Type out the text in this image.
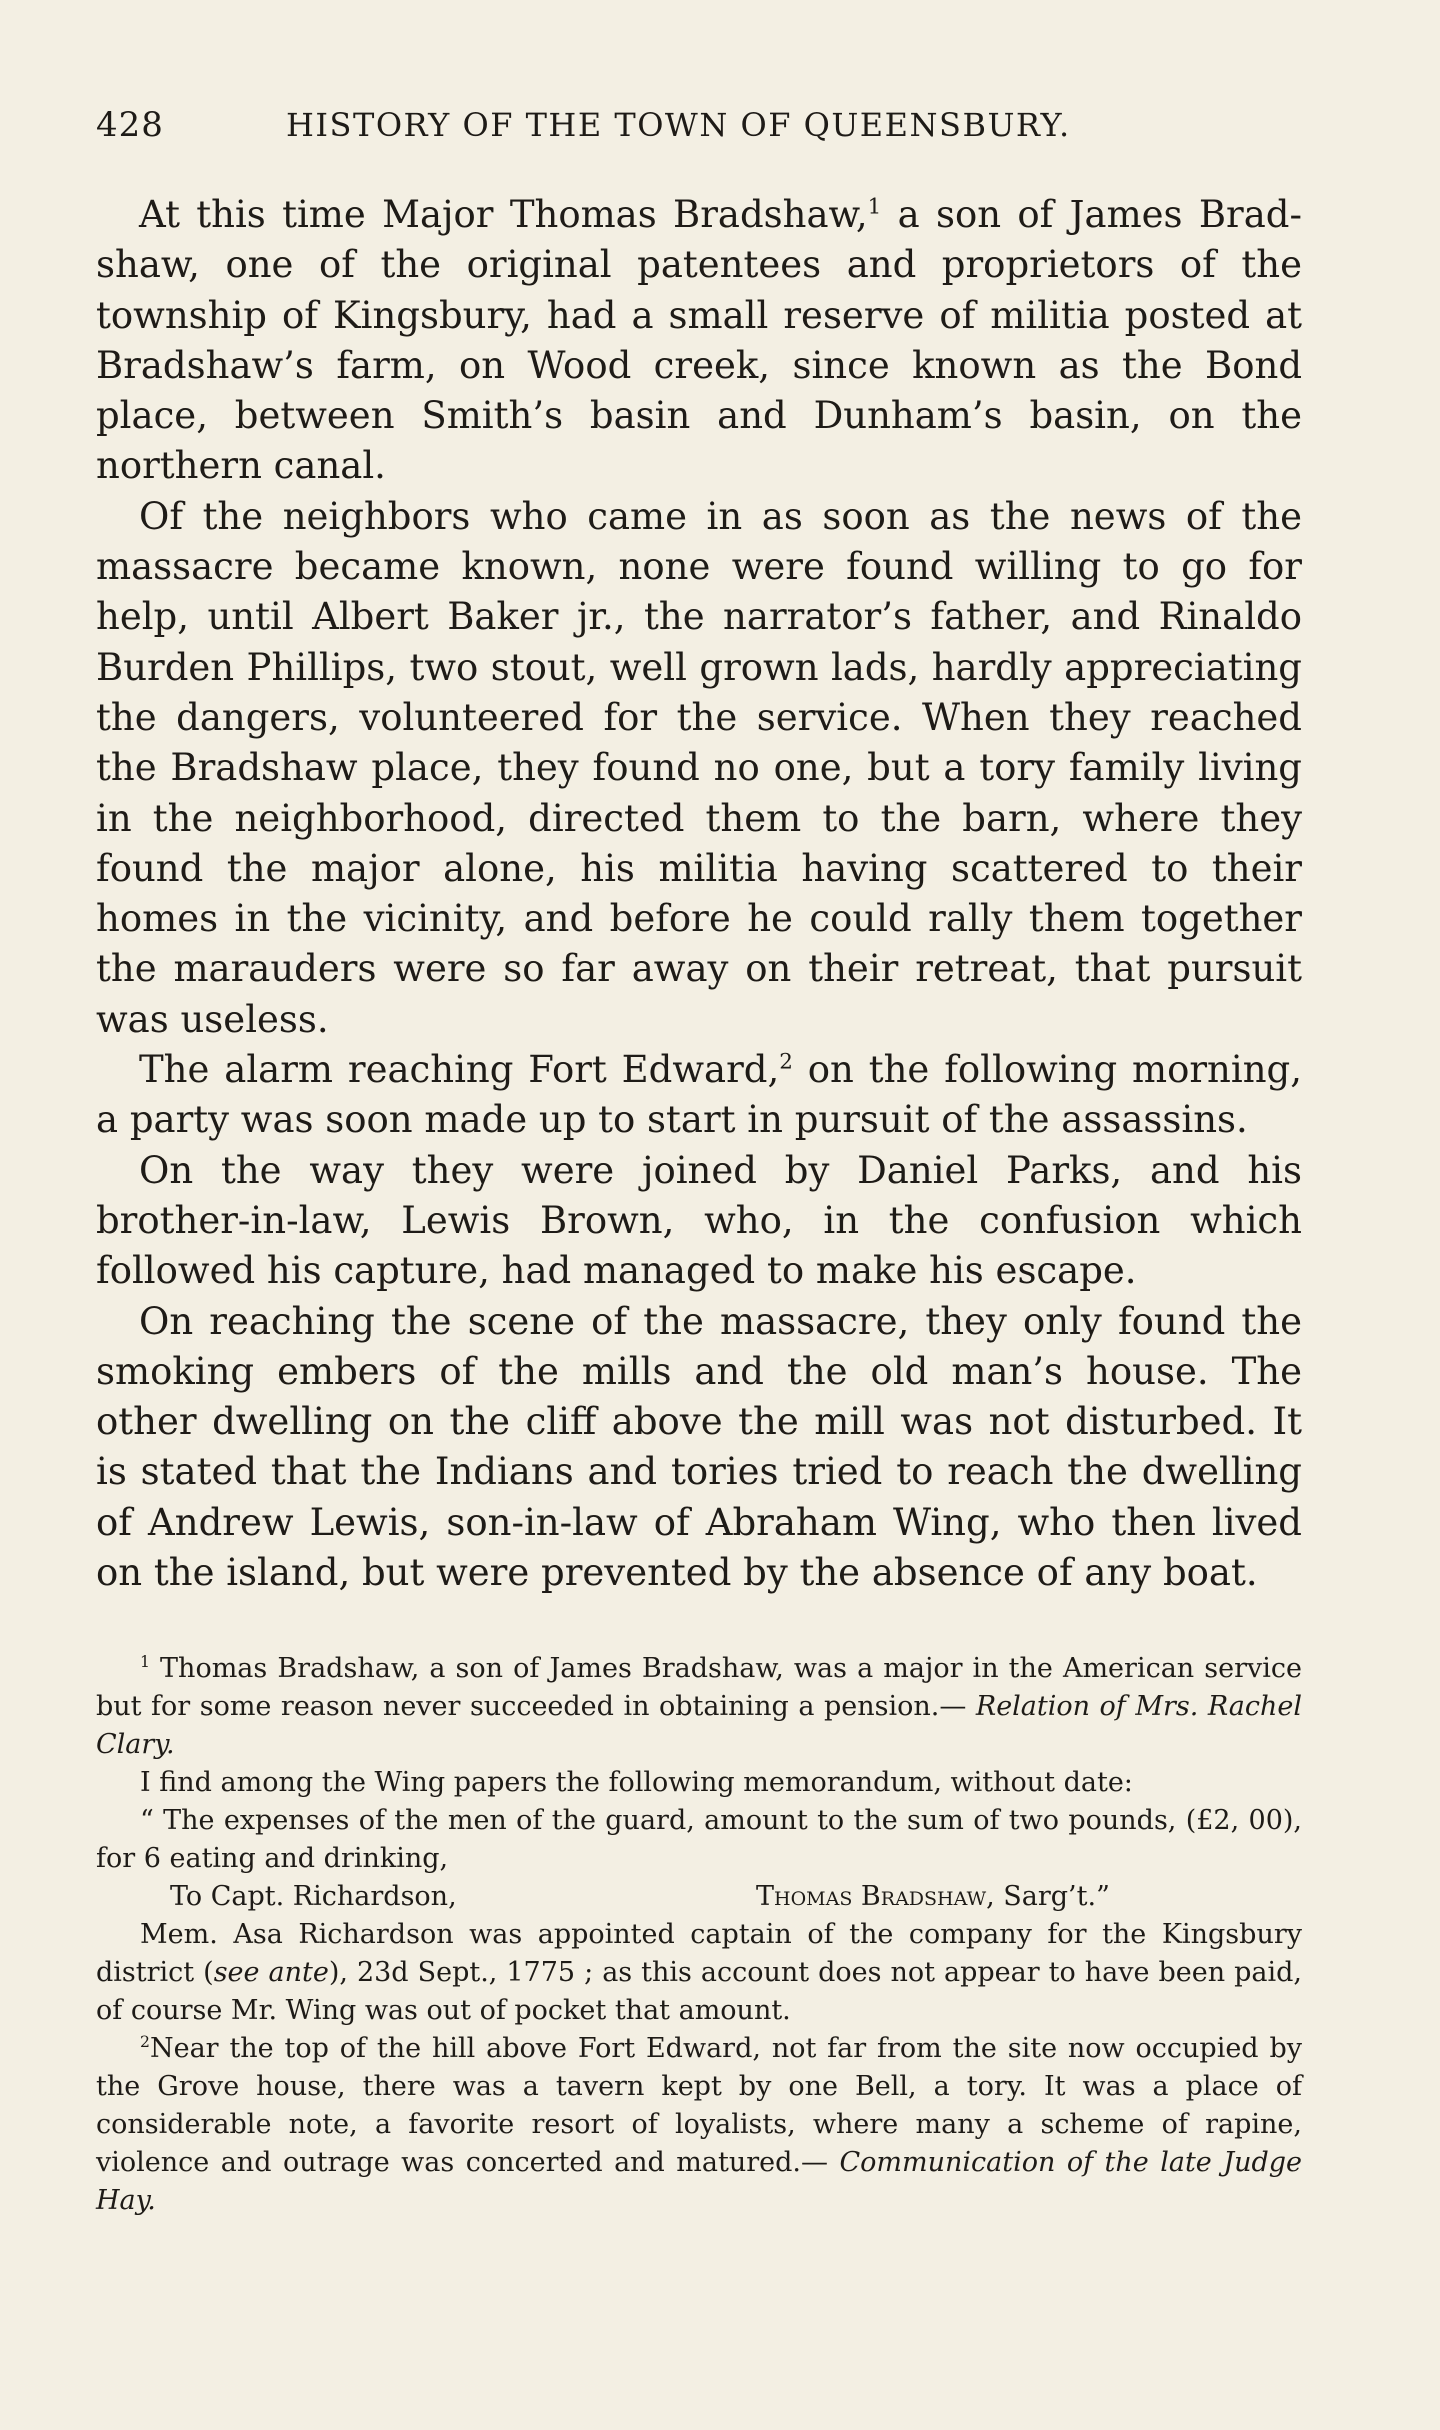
428	HISTORY OF THE TOWN OF QUEENSBURY.

At this time Major Thomas Bradshaw,$^1$ a son of James Brad-shaw, one of the original patentees and proprietors of the township of Kingsbury, had a small reserve of militia posted at Bradshaw’s farm, on Wood creek, since known as the Bond place, between Smith’s basin and Dunham’s basin, on the northern canal.

Of the neighbors who came in as soon as the news of the massacre became known, none were found willing to go for help, until Albert Baker jr., the narrator’s father, and Rinaldo Burden Phillips, two stout, well grown lads, hardly appreciating the dangers, volunteered for the service. When they reached the Bradshaw place, they found no one, but a tory family living in the neighborhood, directed them to the barn, where they found the major alone, his militia having scattered to their homes in the vicinity, and before he could rally them together the marauders were so far away on their retreat, that pursuit was useless.

The alarm reaching Fort Edward,$^2$ on the following morning, a party was soon made up to start in pursuit of the assassins.

On the way they were joined by Daniel Parks, and his brother-in-law, Lewis Brown, who, in the confusion which followed his capture, had managed to make his escape.

On reaching the scene of the massacre, they only found the smoking embers of the mills and the old man’s house. The other dwelling on the cliff above the mill was not disturbed. It is stated that the Indians and tories tried to reach the dwelling of Andrew Lewis, son-in-law of Abraham Wing, who then lived on the island, but were prevented by the absence of any boat.

$^1$ Thomas Bradshaw, a son of James Bradshaw, was a major in the American service but for some reason never succeeded in obtaining a pension.— Relation of Mrs. Rachel Clary.

I find among the Wing papers the following memorandum, without date:

“ The expenses of the men of the guard, amount to the sum of two pounds, (£2, 00), for 6 eating and drinking,

To Capt. Richardson,	Thomas Bradshaw, Sarg’t.”

Mem. Asa Richardson was appointed captain of the company for the Kingsbury district (see ante), 23d Sept., 1775 ; as this account does not appear to have been paid, of course Mr. Wing was out of pocket that amount.

$^2$Near the top of the hill above Fort Edward, not far from the site now occupied by the Grove house, there was a tavern kept by one Bell, a tory. It was a place of considerable note, a favorite resort of loyalists, where many a scheme of rapine, violence and outrage was concerted and matured.— Communication of the late Judge Hay.
